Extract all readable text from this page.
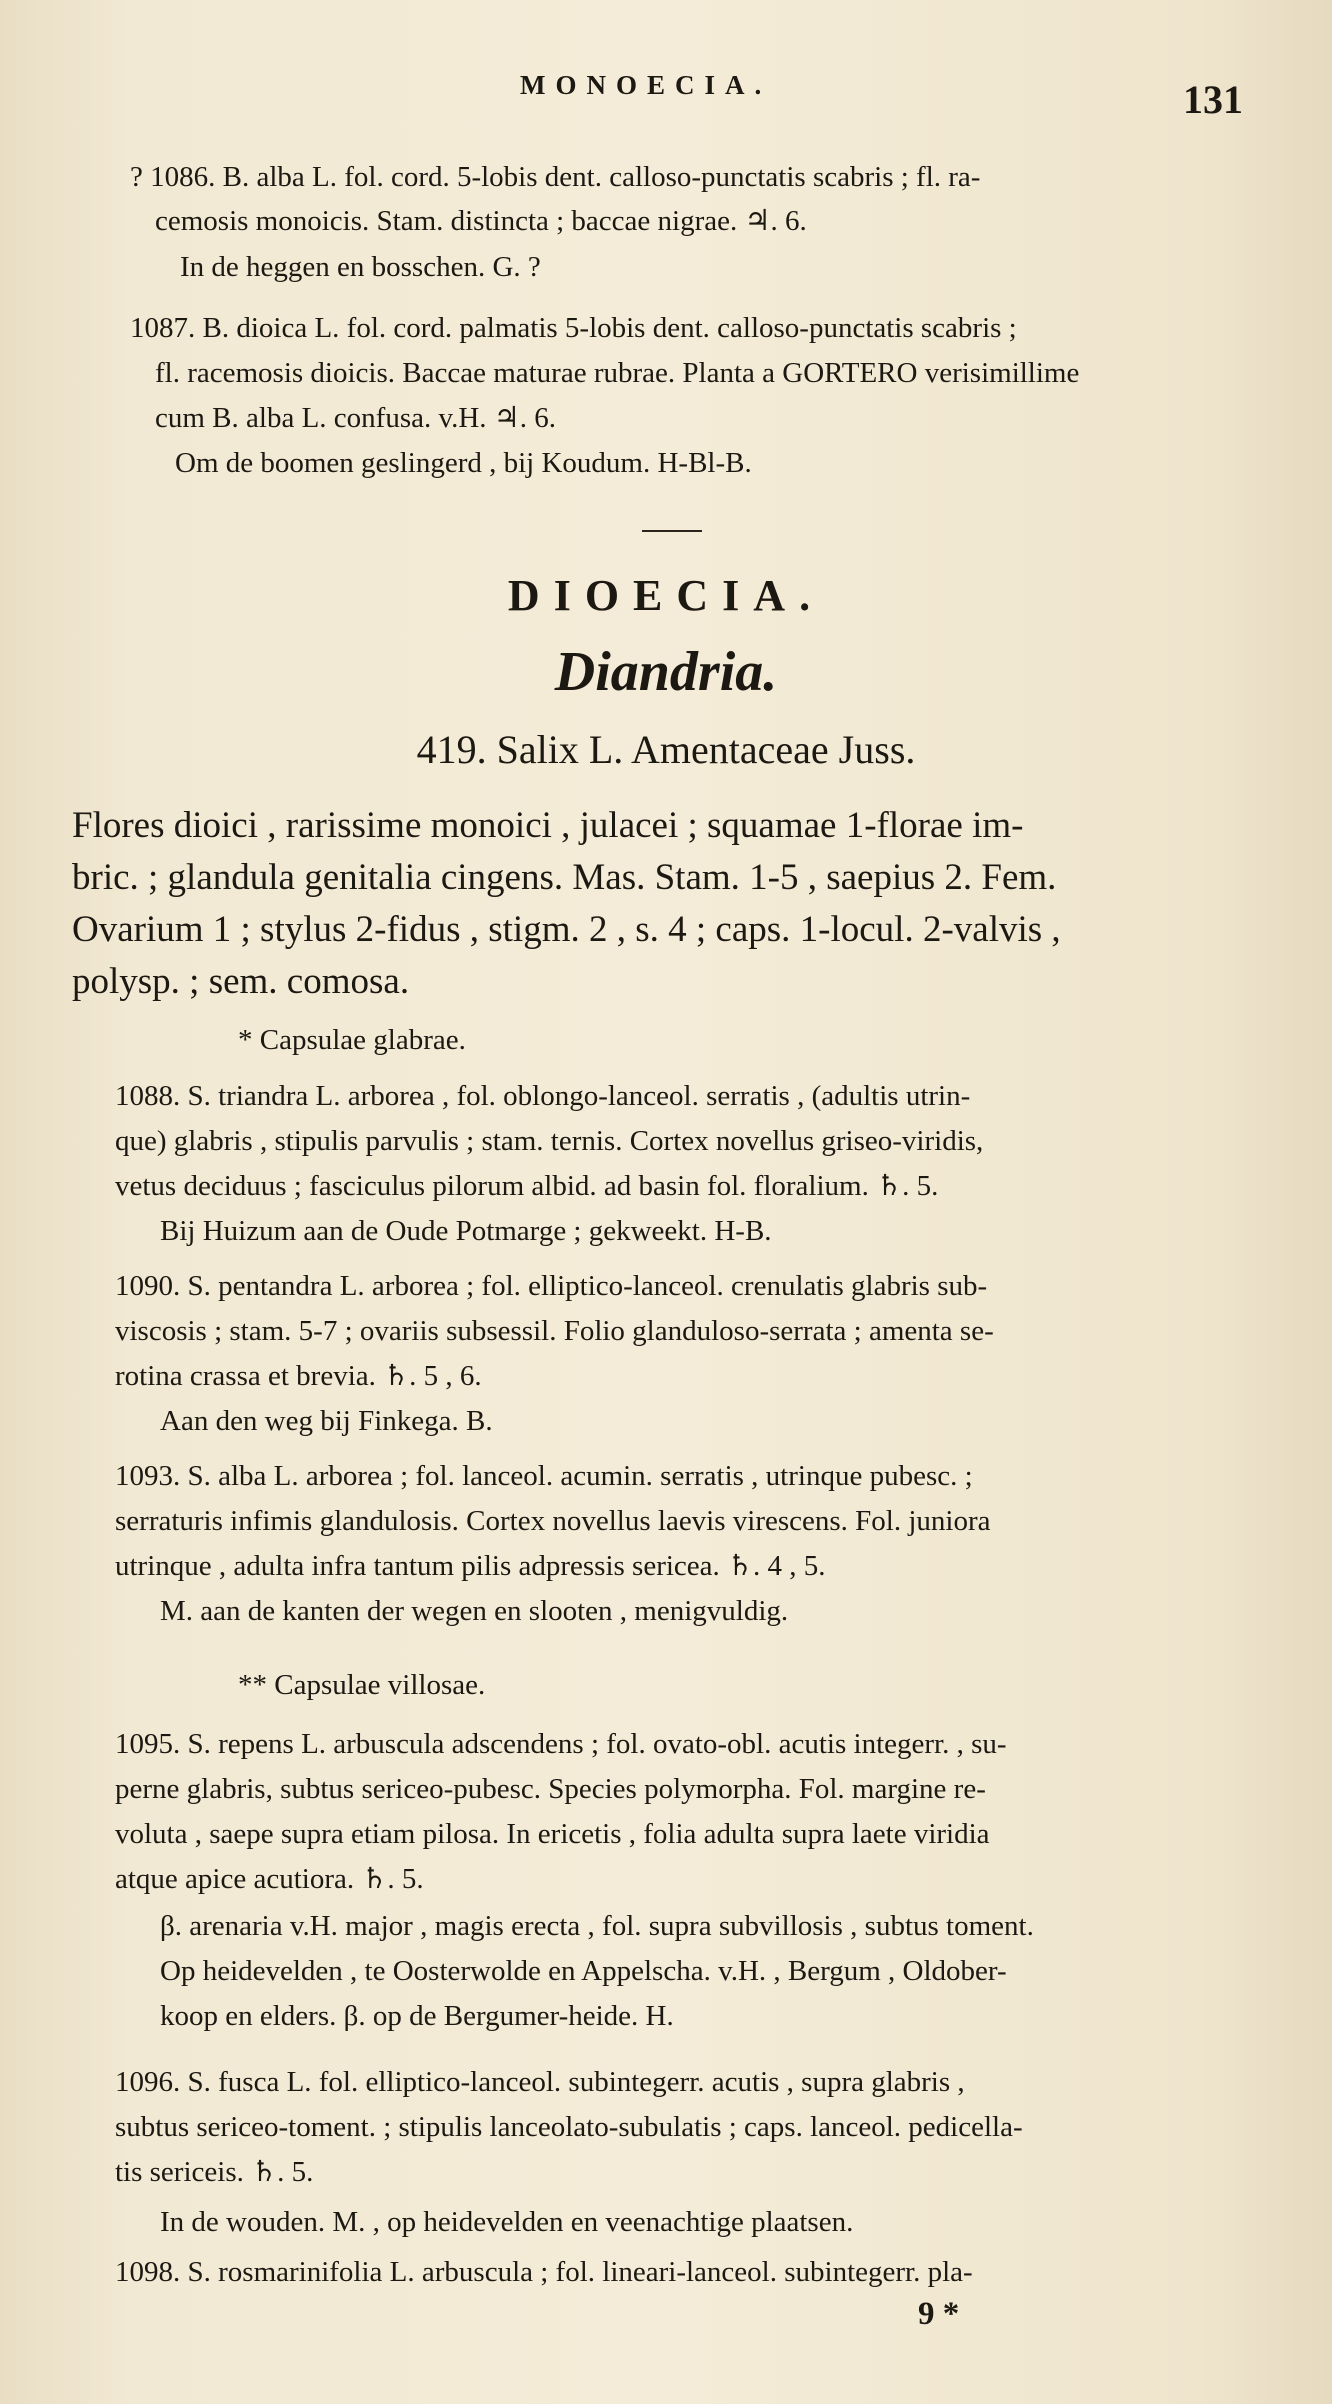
MONOECIA.	131
? 1086. B. alba L. fol. cord. 5-lobis dent. calloso-punctatis scabris ; fl. ra-
cemosis monoicis. Stam. distincta ; baccae nigrae. ♃. 6.
In de heggen en bosschen. G. ?
1087. B. dioica L. fol. cord. palmatis 5-lobis dent. calloso-punctatis scabris ;
fl. racemosis dioicis. Baccae maturae rubrae. Planta a GORTERO verisimillime
cum B. alba L. confusa. v.H. ♃. 6.
Om de boomen geslingerd , bij Koudum. H-Bl-B.
DIOECIA.
Diandria.
419. Salix L. Amentaceae Juss.
Flores dioici , rarissime monoici , julacei ; squamae 1-florae im-
bric. ; glandula genitalia cingens. Mas. Stam. 1-5 , saepius 2. Fem.
Ovarium 1 ; stylus 2-fidus , stigm. 2 , s. 4 ; caps. 1-locul. 2-valvis ,
polysp. ; sem. comosa.
* Capsulae glabrae.
1088. S. triandra L. arborea , fol. oblongo-lanceol. serratis , (adultis utrin-
que) glabris , stipulis parvulis ; stam. ternis. Cortex novellus griseo-viridis,
vetus deciduus ; fasciculus pilorum albid. ad basin fol. floralium. ♄. 5.
Bij Huizum aan de Oude Potmarge ; gekweekt. H-B.
1090. S. pentandra L. arborea ; fol. elliptico-lanceol. crenulatis glabris sub-
viscosis ; stam. 5-7 ; ovariis subsessil. Folio glanduloso-serrata ; amenta se-
rotina crassa et brevia. ♄. 5 , 6.
Aan den weg bij Finkega. B.
1093. S. alba L. arborea ; fol. lanceol. acumin. serratis , utrinque pubesc. ;
serraturis infimis glandulosis. Cortex novellus laevis virescens. Fol. juniora
utrinque , adulta infra tantum pilis adpressis sericea. ♄. 4 , 5.
M. aan de kanten der wegen en slooten , menigvuldig.
** Capsulae villosae.
1095. S. repens L. arbuscula adscendens ; fol. ovato-obl. acutis integerr. , su-
perne glabris, subtus sericeo-pubesc. Species polymorpha. Fol. margine re-
voluta , saepe supra etiam pilosa. In ericetis , folia adulta supra laete viridia
atque apice acutiora. ♄. 5.
β. arenaria v.H. major , magis erecta , fol. supra subvillosis , subtus toment.
Op heidevelden , te Oosterwolde en Appelscha. v.H. , Bergum , Oldober-
koop en elders. β. op de Bergumer-heide. H.
1096. S. fusca L. fol. elliptico-lanceol. subintegerr. acutis , supra glabris ,
subtus sericeo-toment. ; stipulis lanceolato-subulatis ; caps. lanceol. pedicella-
tis sericeis. ♄. 5.
In de wouden. M. , op heidevelden en veenachtige plaatsen.
1098. S. rosmarinifolia L. arbuscula ; fol. lineari-lanceol. subintegerr. pla-
9 *
